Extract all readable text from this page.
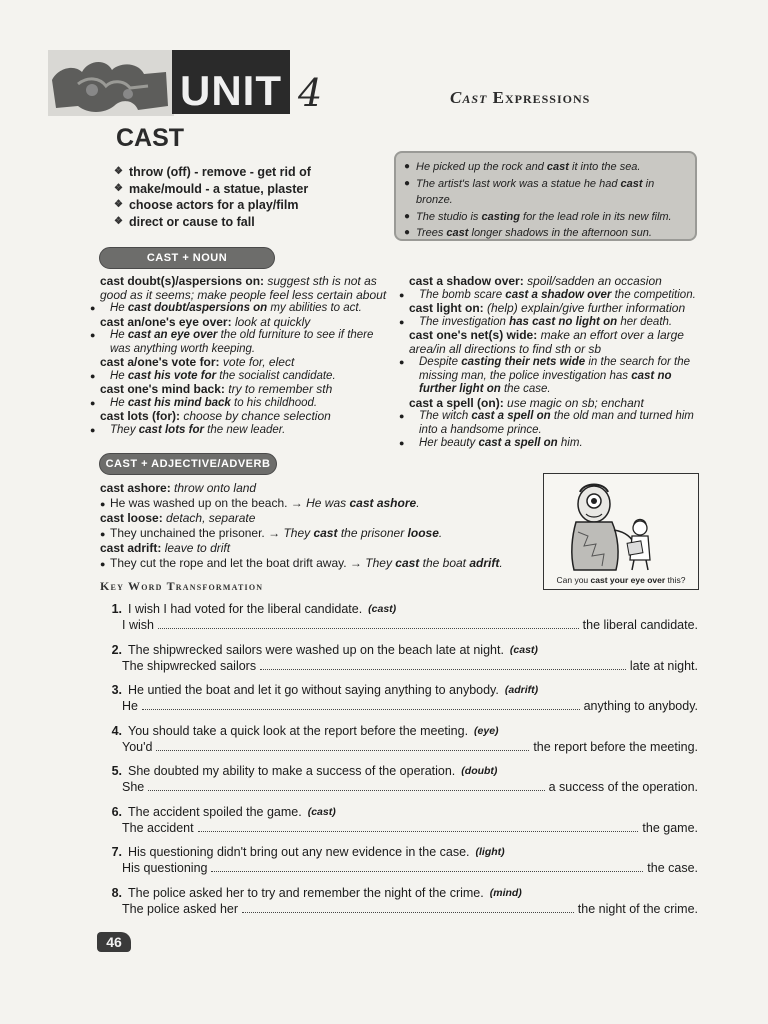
UNIT 4	Cast Expressions
CAST
❖ throw (off) - remove - get rid of
❖ make/mould - a statue, plaster
❖ choose actors for a play/film
❖ direct or cause to fall
● He picked up the rock and cast it into the sea.
● The artist's last work was a statue he had cast in bronze.
● The studio is casting for the lead role in its new film.
● Trees cast longer shadows in the afternoon sun.
CAST + NOUN

cast doubt(s)/aspersions on: suggest sth is not as good as it seems; make people feel less certain about

● He cast doubt/aspersions on my abilities to act.

cast an/one's eye over: look at quickly

● He cast an eye over the old furniture to see if there was anything worth keeping.

cast a/one's vote for: vote for, elect

● He cast his vote for the socialist candidate.

cast one's mind back: try to remember sth

● He cast his mind back to his childhood.

cast lots (for): choose by chance selection

● They cast lots for the new leader.

cast a shadow over: spoil/sadden an occasion

● The bomb scare cast a shadow over the competition.

cast light on: (help) explain/give further information

● The investigation has cast no light on her death.

cast one's net(s) wide: make an effort over a large area/in all directions to find sth or sb

● Despite casting their nets wide in the search for the missing man, the police investigation has cast no further light on the case.

cast a spell (on): use magic on sb; enchant

● The witch cast a spell on the old man and turned him into a handsome prince.

● Her beauty cast a spell on him.

CAST + ADJECTIVE/ADVERB

cast ashore: throw onto land

● He was washed up on the beach. → He was cast ashore.

cast loose: detach, separate

● They unchained the prisoner. → They cast the prisoner loose.

cast adrift: leave to drift

● They cut the rope and let the boat drift away. → They cast the boat adrift.

Can you cast your eye over this?
Key Word Transformation
1. I wish I had voted for the liberal candidate. (cast)
I wish	the liberal candidate.
2. The shipwrecked sailors were washed up on the beach late at night. (cast)
The shipwrecked sailors	late at night.
3. He untied the boat and let it go without saying anything to anybody. (adrift)
He	anything to anybody.
4. You should take a quick look at the report before the meeting. (eye)
You'd	the report before the meeting.
5. She doubted my ability to make a success of the operation. (doubt)
She	a success of the operation.
6. The accident spoiled the game. (cast)
The accident	the game.
7. His questioning didn't bring out any new evidence in the case. (light)
His questioning	the case.
8. The police asked her to try and remember the night of the crime. (mind)
The police asked her	the night of the crime.
46
